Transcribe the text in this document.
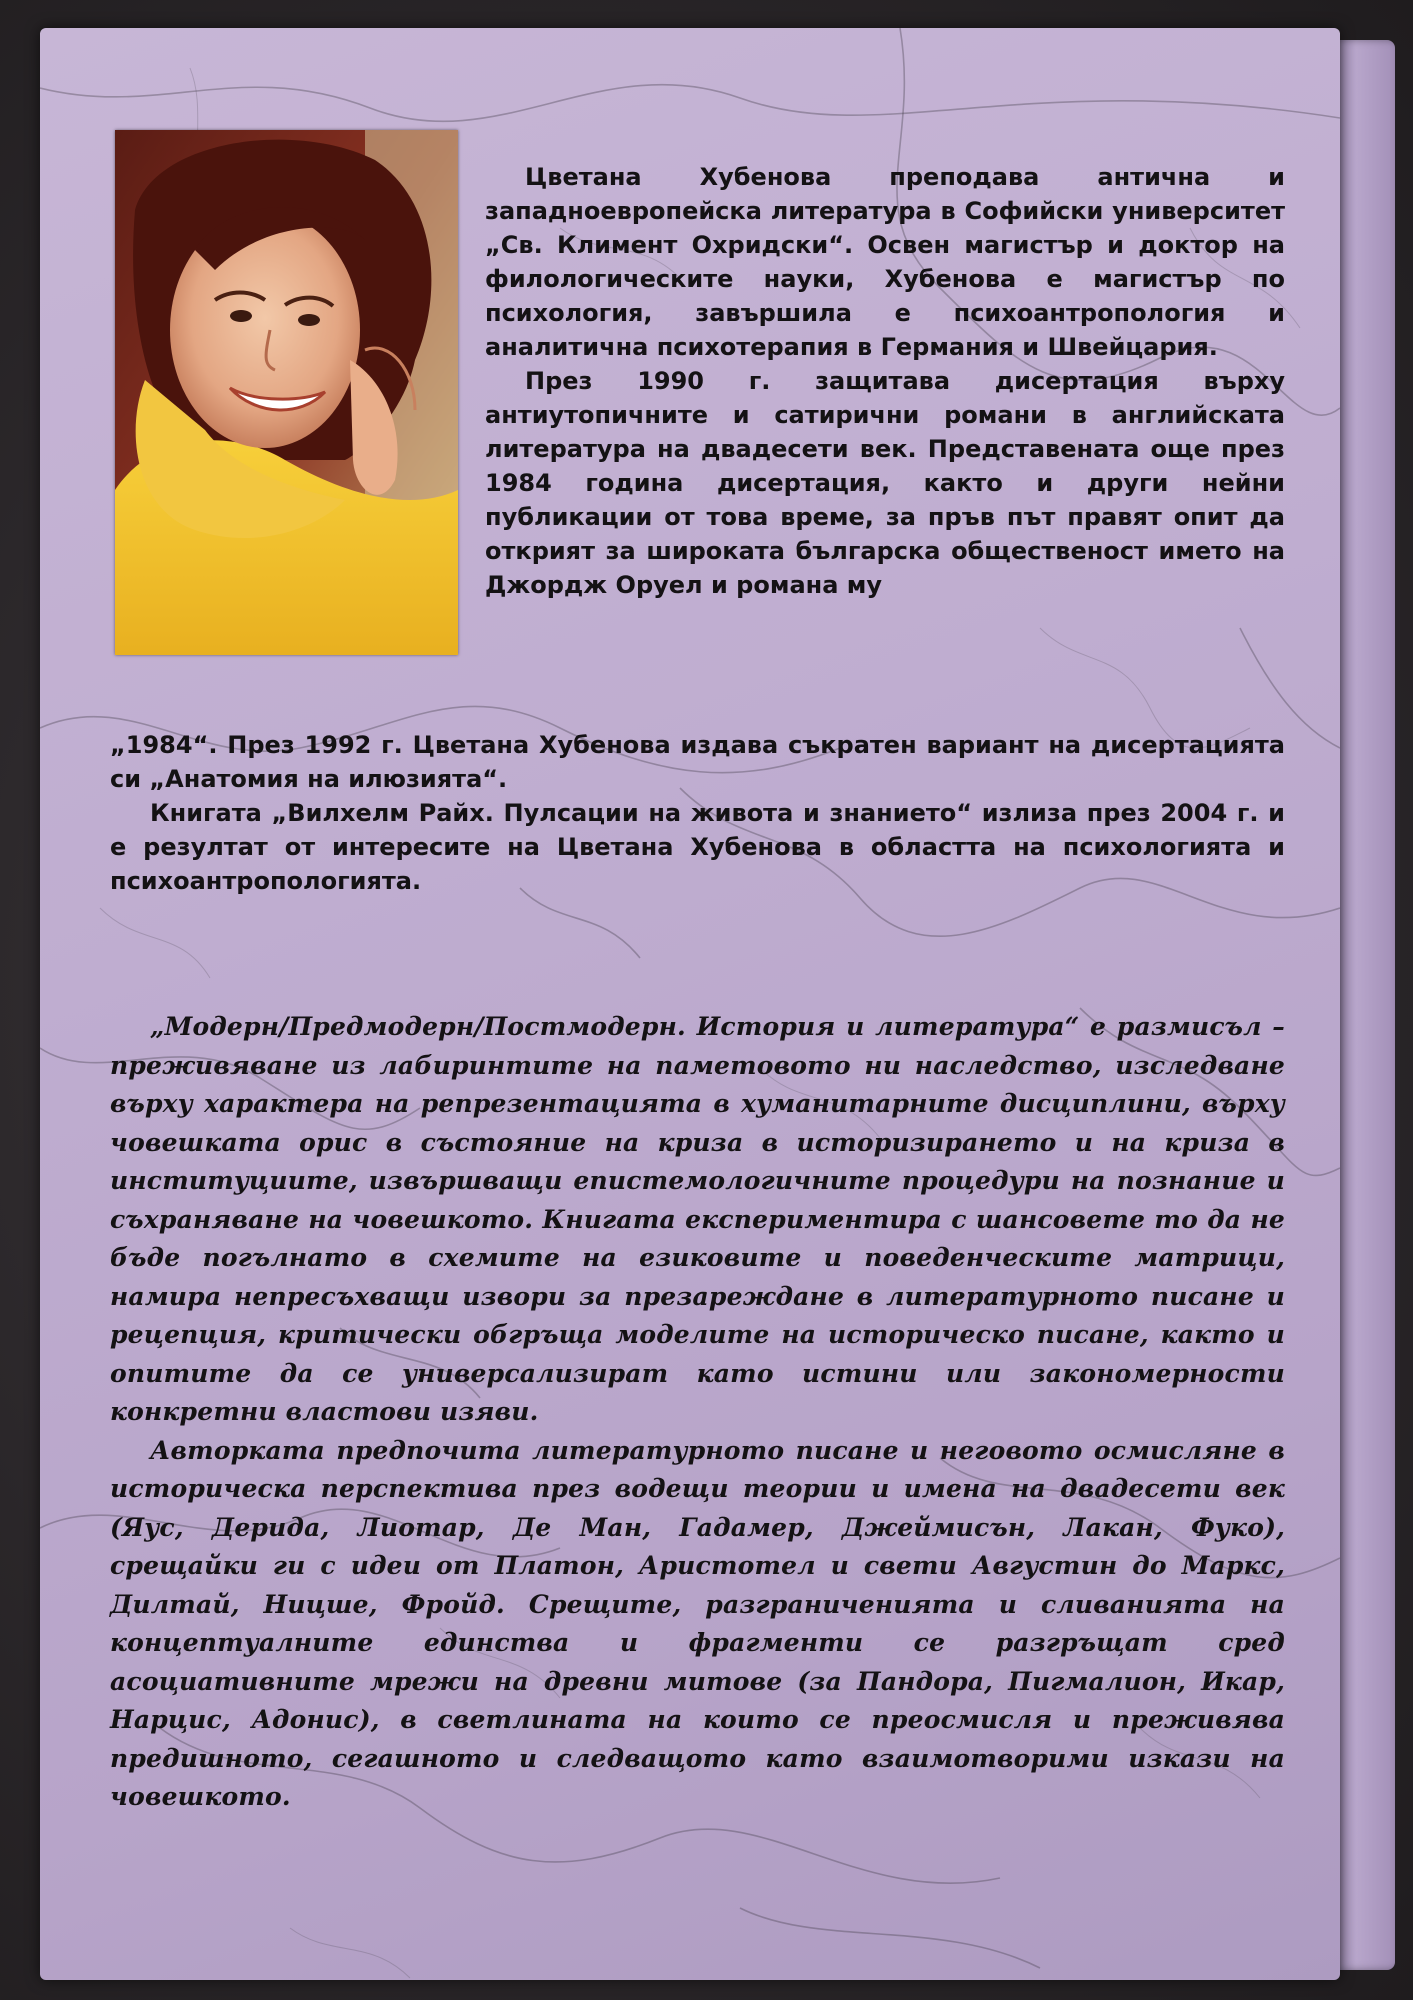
Цветана Хубенова преподава антична и западноевропейска литература в Софийски университет „Св. Климент Охридски“. Освен магистър и доктор на филологическите науки, Хубенова е магистър по психология, завършила е психоантропология и аналитична психотерапия в Германия и Швейцария.

През 1990 г. защитава дисертация върху антиутопичните и сатирични романи в английската литература на двадесети век. Представената още през 1984 година дисертация, както и други нейни публикации от това време, за пръв път правят опит да открият за широката българска общественост името на Джордж Оруел и романа му

„1984“. През 1992 г. Цветана Хубенова издава съкратен вариант на дисертацията си „Анатомия на илюзията“.

Книгата „Вилхелм Райх. Пулсации на живота и знанието“ излиза през 2004 г. и е резултат от интересите на Цветана Хубенова в областта на психологията и психоантропологията.

„Модерн/Предмодерн/Постмодерн. История и литература“ е размисъл – преживяване из лабиринтите на паметовото ни наследство, изследване върху характера на репрезентацията в хуманитарните дисциплини, върху човешката орис в състояние на криза в историзирането и на криза в институциите, извършващи епистемологичните процедури на познание и съхраняване на човешкото. Книгата експериментира с шансовете то да не бъде погълнато в схемите на езиковите и поведенческите матрици, намира непресъхващи извори за презареждане в литературното писане и рецепция, критически обгръща моделите на историческо писане, както и опитите да се универсализират като истини или закономерности конкретни властови изяви.

Авторката предпочита литературното писане и неговото осмисляне в историческа перспектива през водещи теории и имена на двадесети век (Яус, Дерида, Лиотар, Де Ман, Гадамер, Джеймисън, Лакан, Фуко), срещайки ги с идеи от Платон, Аристотел и свети Августин до Маркс, Дилтай, Ницше, Фройд. Срещите, разграниченията и сливанията на концептуалните единства и фрагменти се разгръщат сред асоциативните мрежи на древни митове (за Пандора, Пигмалион, Икар, Нарцис, Адонис), в светлината на които се преосмисля и преживява предишното, сегашното и следващото като взаимотворими изкази на човешкото.
